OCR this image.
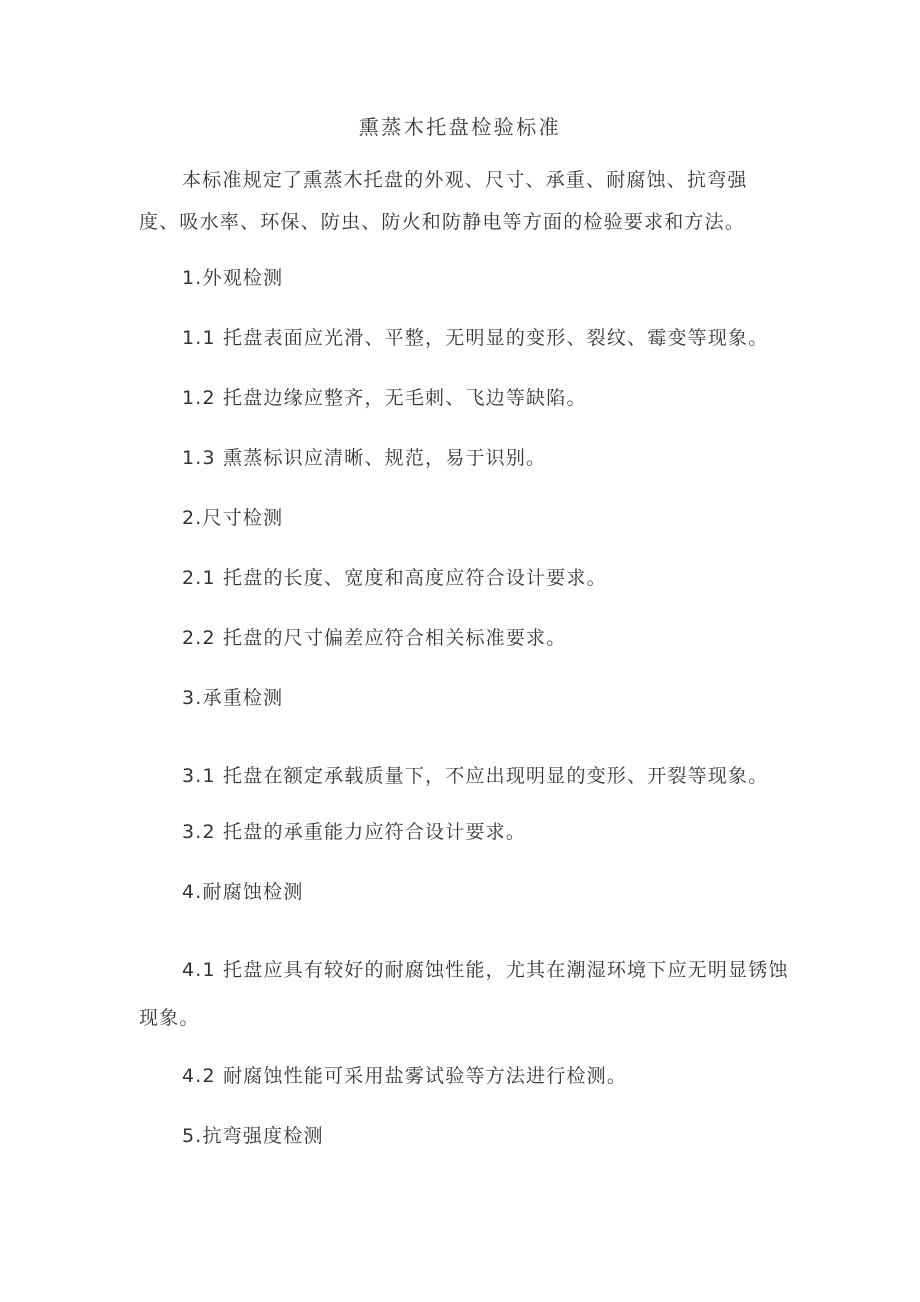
熏蒸木托盘检验标准
本标准规定了熏蒸木托盘的外观、尺寸、承重、耐腐蚀、抗弯强
度、吸水率、环保、防虫、防火和防静电等方面的检验要求和方法。
1.外观检测
1.1 托盘表面应光滑、平整，无明显的变形、裂纹、霉变等现象。
1.2 托盘边缘应整齐，无毛刺、飞边等缺陷。
1.3 熏蒸标识应清晰、规范，易于识别。
2.尺寸检测
2.1 托盘的长度、宽度和高度应符合设计要求。
2.2 托盘的尺寸偏差应符合相关标准要求。
3.承重检测
3.1 托盘在额定承载质量下，不应出现明显的变形、开裂等现象。
3.2 托盘的承重能力应符合设计要求。
4.耐腐蚀检测
4.1 托盘应具有较好的耐腐蚀性能，尤其在潮湿环境下应无明显锈蚀
现象。
4.2 耐腐蚀性能可采用盐雾试验等方法进行检测。
5.抗弯强度检测
